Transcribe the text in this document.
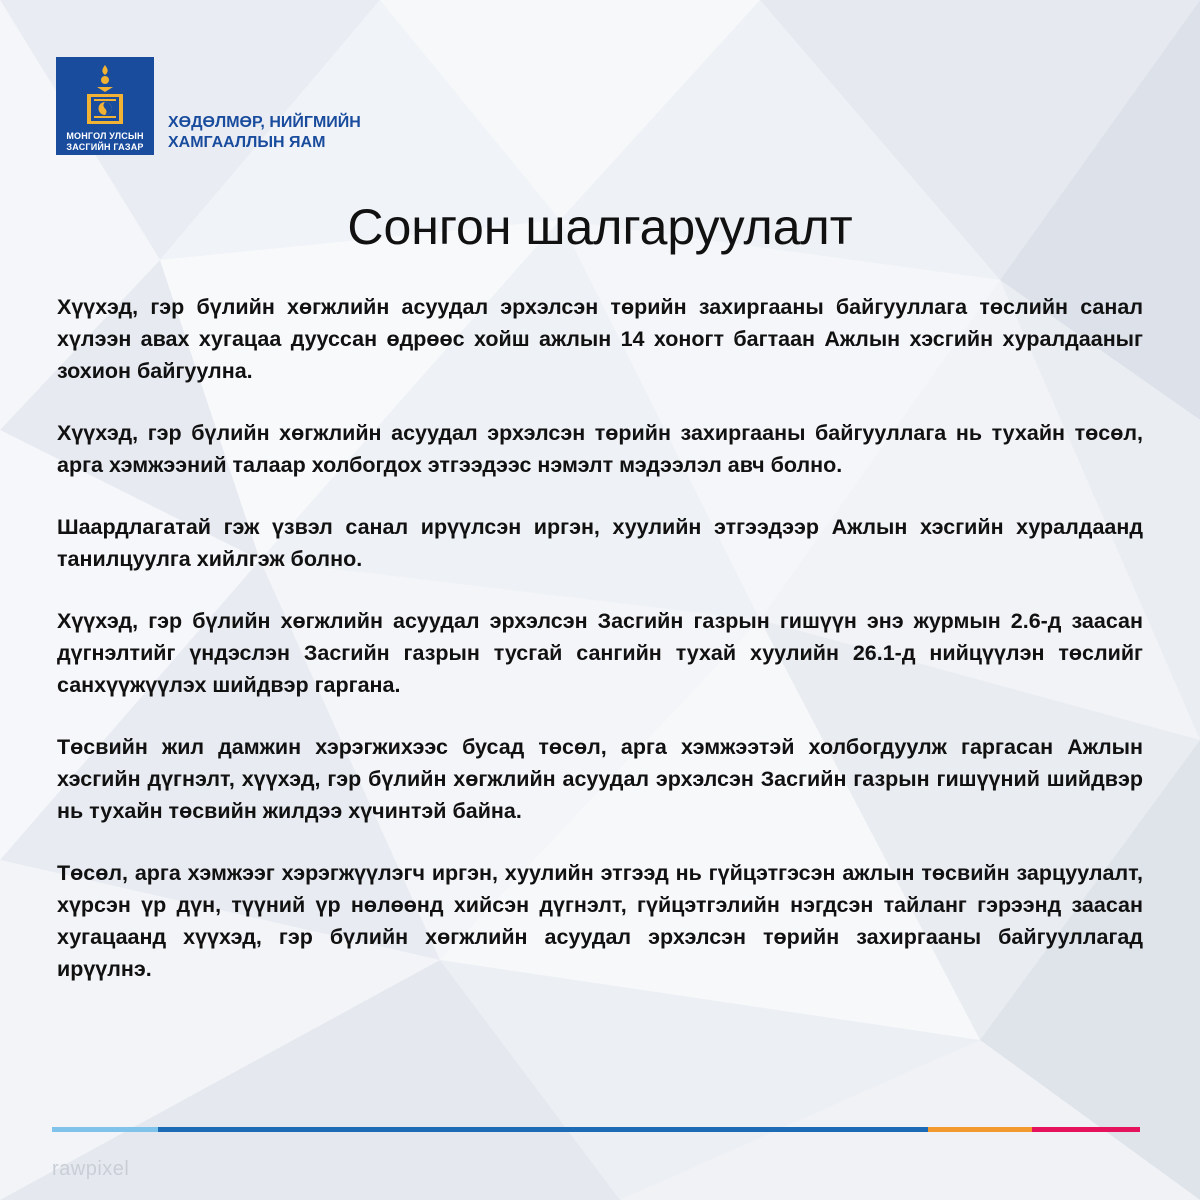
МОНГОЛ УЛСЫН
ЗАСГИЙН ГАЗАР
ХӨДӨЛМӨР, НИЙГМИЙН
ХАМГААЛЛЫН ЯАМ
Сонгон шалгаруулалт

Хүүхэд, гэр бүлийн хөгжлийн асуудал эрхэлсэн төрийн захиргааны байгууллага төслийн санал хүлээн авах хугацаа дууссан өдрөөс хойш ажлын 14 хоногт багтаан Ажлын хэсгийн хуралдааныг зохион байгуулна.

Хүүхэд, гэр бүлийн хөгжлийн асуудал эрхэлсэн төрийн захиргааны байгууллага нь тухайн төсөл, арга хэмжээний талаар холбогдох этгээдээс нэмэлт мэдээлэл авч болно.

Шаардлагатай гэж үзвэл санал ирүүлсэн иргэн, хуулийн этгээдээр Ажлын хэсгийн хуралдаанд танилцуулга хийлгэж болно.

Хүүхэд, гэр бүлийн хөгжлийн асуудал эрхэлсэн Засгийн газрын гишүүн энэ журмын 2.6-д заасан дүгнэлтийг үндэслэн Засгийн газрын тусгай сангийн тухай хуулийн 26.1-д нийцүүлэн төслийг санхүүжүүлэх шийдвэр гаргана.

Төсвийн жил дамжин хэрэгжихээс бусад төсөл, арга хэмжээтэй холбогдуулж гаргасан Ажлын хэсгийн дүгнэлт, хүүхэд, гэр бүлийн хөгжлийн асуудал эрхэлсэн Засгийн газрын гишүүний шийдвэр нь тухайн төсвийн жилдээ хүчинтэй байна.

Төсөл, арга хэмжээг хэрэгжүүлэгч иргэн, хуулийн этгээд нь гүйцэтгэсэн ажлын төсвийн зарцуулалт, хүрсэн үр дүн, түүний үр нөлөөнд хийсэн дүгнэлт, гүйцэтгэлийн нэгдсэн тайланг гэрээнд заасан хугацаанд хүүхэд, гэр бүлийн хөгжлийн асуудал эрхэлсэн төрийн захиргааны байгууллагад ирүүлнэ.

rawpixel
